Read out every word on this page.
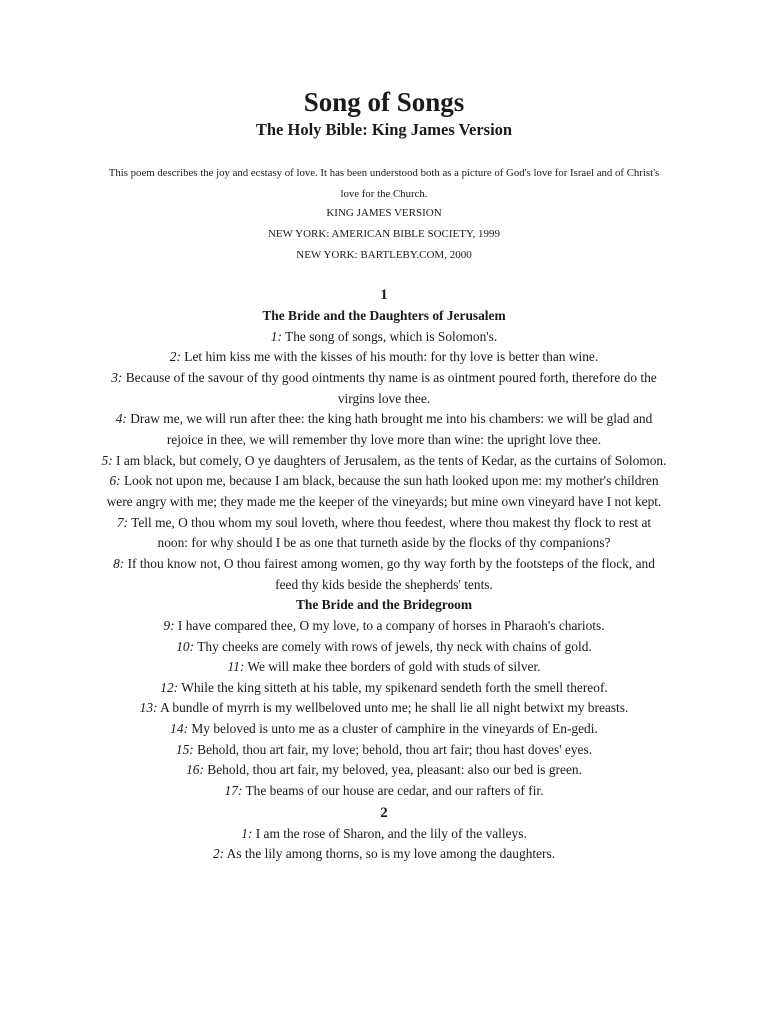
Song of Songs
The Holy Bible: King James Version
This poem describes the joy and ecstasy of love. It has been understood both as a picture of God's love for Israel and of Christ's love for the Church.
KING JAMES VERSION
NEW YORK: AMERICAN BIBLE SOCIETY, 1999
NEW YORK: BARTLEBY.COM, 2000
1
The Bride and the Daughters of Jerusalem
1: The song of songs, which is Solomon's.
2: Let him kiss me with the kisses of his mouth: for thy love is better than wine.
3: Because of the savour of thy good ointments thy name is as ointment poured forth, therefore do the virgins love thee.
4: Draw me, we will run after thee: the king hath brought me into his chambers: we will be glad and rejoice in thee, we will remember thy love more than wine: the upright love thee.
5: I am black, but comely, O ye daughters of Jerusalem, as the tents of Kedar, as the curtains of Solomon.
6: Look not upon me, because I am black, because the sun hath looked upon me: my mother's children were angry with me; they made me the keeper of the vineyards; but mine own vineyard have I not kept.
7: Tell me, O thou whom my soul loveth, where thou feedest, where thou makest thy flock to rest at noon: for why should I be as one that turneth aside by the flocks of thy companions?
8: If thou know not, O thou fairest among women, go thy way forth by the footsteps of the flock, and feed thy kids beside the shepherds' tents.
The Bride and the Bridegroom
9: I have compared thee, O my love, to a company of horses in Pharaoh's chariots.
10: Thy cheeks are comely with rows of jewels, thy neck with chains of gold.
11: We will make thee borders of gold with studs of silver.
12: While the king sitteth at his table, my spikenard sendeth forth the smell thereof.
13: A bundle of myrrh is my wellbeloved unto me; he shall lie all night betwixt my breasts.
14: My beloved is unto me as a cluster of camphire in the vineyards of En-gedi.
15: Behold, thou art fair, my love; behold, thou art fair; thou hast doves' eyes.
16: Behold, thou art fair, my beloved, yea, pleasant: also our bed is green.
17: The beams of our house are cedar, and our rafters of fir.
2
1: I am the rose of Sharon, and the lily of the valleys.
2: As the lily among thorns, so is my love among the daughters.
